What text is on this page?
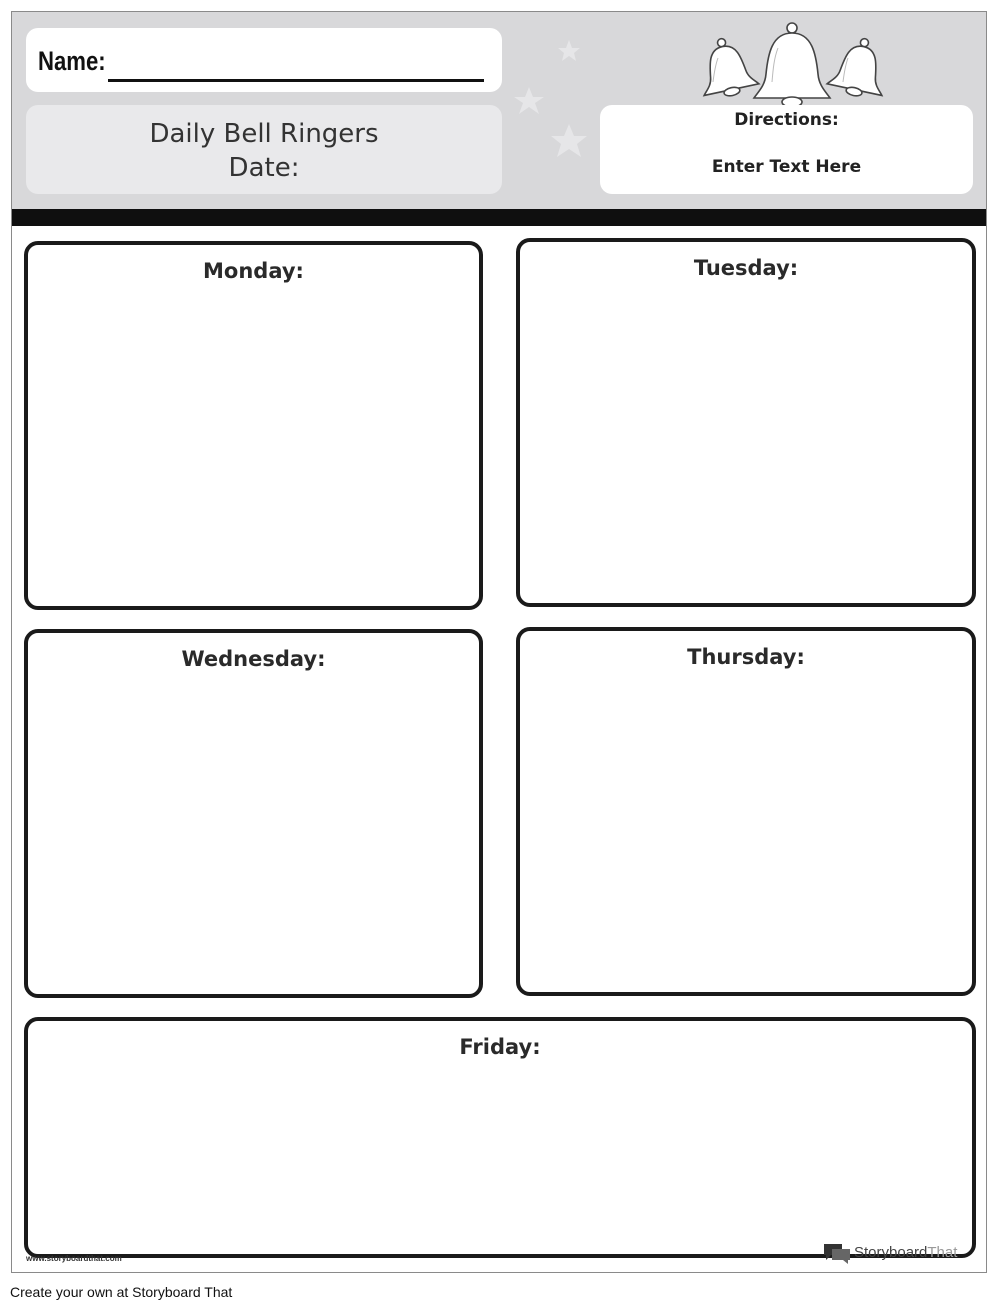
Name:
Daily Bell Ringers
Date:
Directions:
Enter Text Here
Monday:	Tuesday:
Wednesday:	Thursday:
Friday:
www.storyboardthat.com	StoryboardThat
Create your own at Storyboard That
